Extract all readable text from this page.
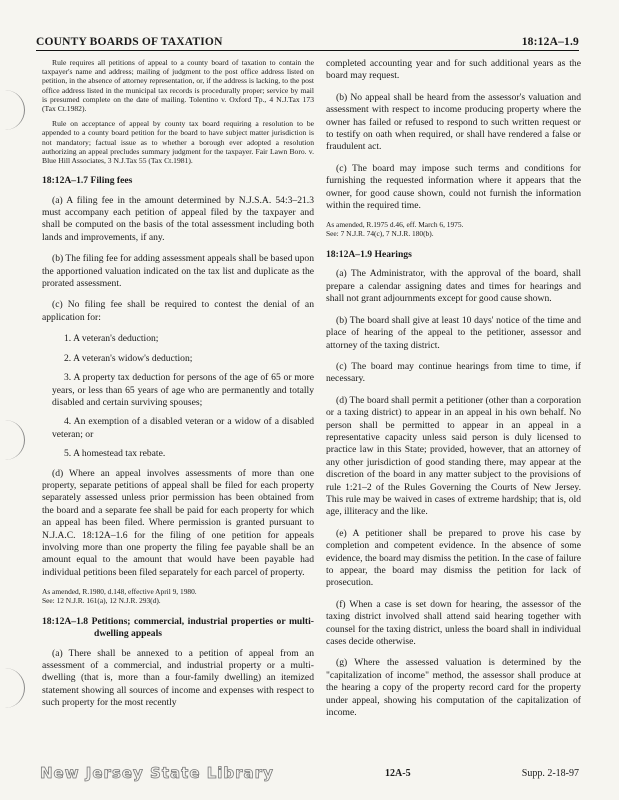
COUNTY BOARDS OF TAXATION	18:12A–1.9

Rule requires all petitions of appeal to a county board of taxation to contain the taxpayer's name and address; mailing of judgment to the post office address listed on petition, in the absence of attorney representation, or, if the address is lacking, to the post office address listed in the municipal tax records is procedurally proper; service by mail is presumed complete on the date of mailing. Tolentino v. Oxford Tp., 4 N.J.Tax 173 (Tax Ct.1982).

Rule on acceptance of appeal by county tax board requiring a resolution to be appended to a county board petition for the board to have subject matter jurisdiction is not mandatory; factual issue as to whether a borough ever adopted a resolution authorizing an appeal precludes summary judgment for the taxpayer. Fair Lawn Boro. v. Blue Hill Associates, 3 N.J.Tax 55 (Tax Ct.1981).

18:12A–1.7 Filing fees

(a) A filing fee in the amount determined by N.J.S.A. 54:3–21.3 must accompany each petition of appeal filed by the taxpayer and shall be computed on the basis of the total assessment including both lands and improvements, if any.

(b) The filing fee for adding assessment appeals shall be based upon the apportioned valuation indicated on the tax list and duplicate as the prorated assessment.

(c) No filing fee shall be required to contest the denial of an application for:

1. A veteran's deduction;

2. A veteran's widow's deduction;

3. A property tax deduction for persons of the age of 65 or more years, or less than 65 years of age who are permanently and totally disabled and certain surviving spouses;

4. An exemption of a disabled veteran or a widow of a disabled veteran; or

5. A homestead tax rebate.

(d) Where an appeal involves assessments of more than one property, separate petitions of appeal shall be filed for each property separately assessed unless prior permission has been obtained from the board and a separate fee shall be paid for each property for which an appeal has been filed. Where permission is granted pursuant to N.J.A.C. 18:12A–1.6 for the filing of one petition for appeals involving more than one property the filing fee payable shall be an amount equal to the amount that would have been payable had individual petitions been filed separately for each parcel of property.

As amended, R.1980, d.148, effective April 9, 1980.
See: 12 N.J.R. 161(a), 12 N.J.R. 293(d).

18:12A–1.8 Petitions; commercial, industrial properties or multi-dwelling appeals

(a) There shall be annexed to a petition of appeal from an assessment of a commercial, and industrial property or a multi-dwelling (that is, more than a four-family dwelling) an itemized statement showing all sources of income and expenses with respect to such property for the most recently

completed accounting year and for such additional years as the board may request.

(b) No appeal shall be heard from the assessor's valuation and assessment with respect to income producing property where the owner has failed or refused to respond to such written request or to testify on oath when required, or shall have rendered a false or fraudulent act.

(c) The board may impose such terms and conditions for furnishing the requested information where it appears that the owner, for good cause shown, could not furnish the information within the required time.

As amended, R.1975 d.46, eff. March 6, 1975.
See: 7 N.J.R. 74(c), 7 N.J.R. 180(b).

18:12A–1.9 Hearings

(a) The Administrator, with the approval of the board, shall prepare a calendar assigning dates and times for hearings and shall not grant adjournments except for good cause shown.

(b) The board shall give at least 10 days' notice of the time and place of hearing of the appeal to the petitioner, assessor and attorney of the taxing district.

(c) The board may continue hearings from time to time, if necessary.

(d) The board shall permit a petitioner (other than a corporation or a taxing district) to appear in an appeal in his own behalf. No person shall be permitted to appear in an appeal in a representative capacity unless said person is duly licensed to practice law in this State; provided, however, that an attorney of any other jurisdiction of good standing there, may appear at the discretion of the board in any matter subject to the provisions of rule 1:21–2 of the Rules Governing the Courts of New Jersey. This rule may be waived in cases of extreme hardship; that is, old age, illiteracy and the like.

(e) A petitioner shall be prepared to prove his case by completion and competent evidence. In the absence of some evidence, the board may dismiss the petition. In the case of failure to appear, the board may dismiss the petition for lack of prosecution.

(f) When a case is set down for hearing, the assessor of the taxing district involved shall attend said hearing together with counsel for the taxing district, unless the board shall in individual cases decide otherwise.

(g) Where the assessed valuation is determined by the "capitalization of income" method, the assessor shall produce at the hearing a copy of the property record card for the property under appeal, showing his computation of the capitalization of income.

New Jersey State Library	12A-5	Supp. 2-18-97
